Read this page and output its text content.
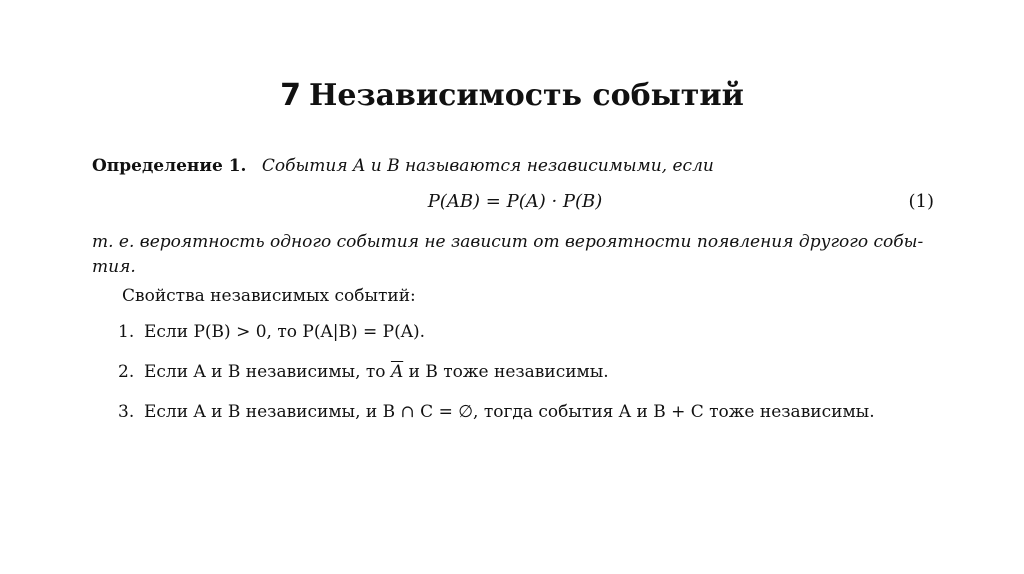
7 Независимость событий
Определение 1. События A и B называются независимыми, если
P(AB) = P(A) · P(B)	(1)
т. е. вероятность одного события не зависит от вероятности появления другого собы-
тия.
Свойства независимых событий:
1. Если P(B) > 0, то P(A|B) = P(A).
2. Если A и B независимы, то $\overline{A}$ и B тоже независимы.
3. Если A и B независимы, и B ∩ C = ∅, тогда события A и B + C тоже независимы.
